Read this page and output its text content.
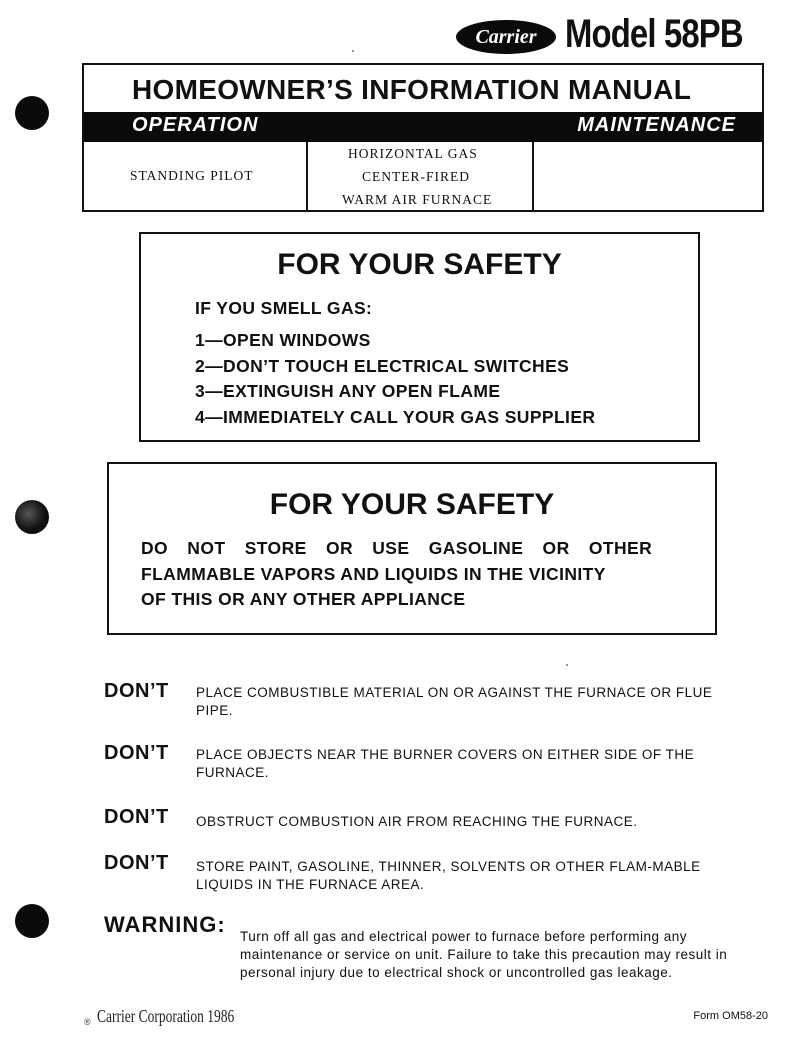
Carrier Model 58PB
HOMEOWNER’S INFORMATION MANUAL
OPERATION	MAINTENANCE
STANDING PILOT
HORIZONTAL GAS
CENTER-FIRED
WARM AIR FURNACE
FOR YOUR SAFETY
IF YOU SMELL GAS:
1—OPEN WINDOWS
2—DON’T TOUCH ELECTRICAL SWITCHES
3—EXTINGUISH ANY OPEN FLAME
4—IMMEDIATELY CALL YOUR GAS SUPPLIER
FOR YOUR SAFETY
DO NOT STORE OR USE GASOLINE OR OTHER
FLAMMABLE VAPORS AND LIQUIDS IN THE VICINITY
OF THIS OR ANY OTHER APPLIANCE
DON’T PLACE COMBUSTIBLE MATERIAL ON OR AGAINST THE FURNACE OR FLUE PIPE.
DON’T PLACE OBJECTS NEAR THE BURNER COVERS ON EITHER SIDE OF THE FURNACE.
DON’T OBSTRUCT COMBUSTION AIR FROM REACHING THE FURNACE.
DON’T STORE PAINT, GASOLINE, THINNER, SOLVENTS OR OTHER FLAM-MABLE LIQUIDS IN THE FURNACE AREA.
WARNING: Turn off all gas and electrical power to furnace before performing any maintenance or service on unit. Failure to take this precaution may result in personal injury due to electrical shock or uncontrolled gas leakage.
® Carrier Corporation 1986	Form OM58-20
